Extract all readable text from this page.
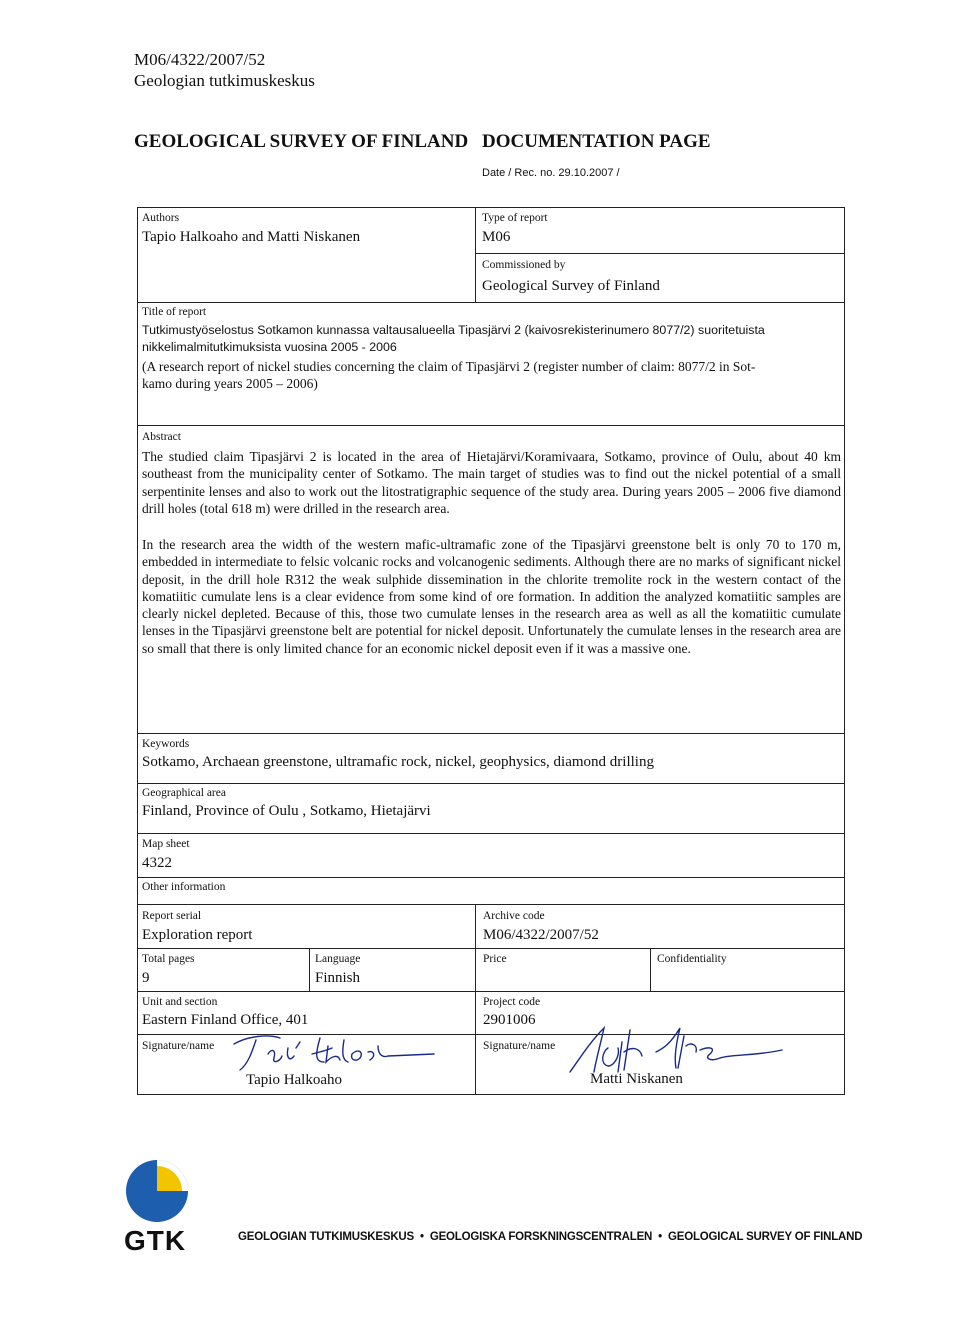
M06/4322/2007/52
Geologian tutkimuskeskus
GEOLOGICAL SURVEY OF FINLAND DOCUMENTATION PAGE
Date / Rec. no. 29.10.2007 /
Authors
Tapio Halkoaho and Matti Niskanen
Type of report
M06
Commissioned by
Geological Survey of Finland
Title of report
Tutkimustyöselostus Sotkamon kunnassa valtausalueella Tipasjärvi 2 (kaivosrekisterinumero 8077/2) suoritetuista
nikkelimalmitutkimuksista vuosina 2005 - 2006
(A research report of nickel studies concerning the claim of Tipasjärvi 2 (register number of claim: 8077/2 in Sot-
kamo during years 2005 – 2006)
Abstract
The studied claim Tipasjärvi 2 is located in the area of Hietajärvi/Koramivaara, Sotkamo, province of Oulu, about 40 km southeast from the municipality center of Sotkamo. The main target of studies was to find out the nickel potential of a small serpentinite lenses and also to work out the litostratigraphic sequence of the study area. During years 2005 – 2006 five diamond drill holes (total 618 m) were drilled in the research area.
In the research area the width of the western mafic-ultramafic zone of the Tipasjärvi greenstone belt is only 70 to 170 m, embedded in intermediate to felsic volcanic rocks and volcanogenic sediments. Although there are no marks of significant nickel deposit, in the drill hole R312 the weak sulphide dissemination in the chlorite tremolite rock in the western contact of the komatiitic cumulate lens is a clear evidence from some kind of ore formation. In addition the analyzed komatiitic samples are clearly nickel depleted. Because of this, those two cumulate lenses in the research area as well as all the komatiitic cumulate lenses in the Tipasjärvi greenstone belt are potential for nickel deposit. Unfortunately the cumulate lenses in the research area are so small that there is only limited chance for an economic nickel deposit even if it was a massive one.
Keywords
Sotkamo, Archaean greenstone, ultramafic rock, nickel, geophysics, diamond drilling
Geographical area
Finland, Province of Oulu , Sotkamo, Hietajärvi
Map sheet
4322
Other information
Report serial
Exploration report
Archive code
M06/4322/2007/52
Total pages
9
Language
Finnish
Price	Confidentiality
Unit and section
Eastern Finland Office, 401
Project code
2901006
Signature/name
Tapio Halkoaho
Signature/name
Matti Niskanen
GTK	GEOLOGIAN TUTKIMUSKESKUS • GEOLOGISKA FORSKNINGSCENTRALEN • GEOLOGICAL SURVEY OF FINLAND
